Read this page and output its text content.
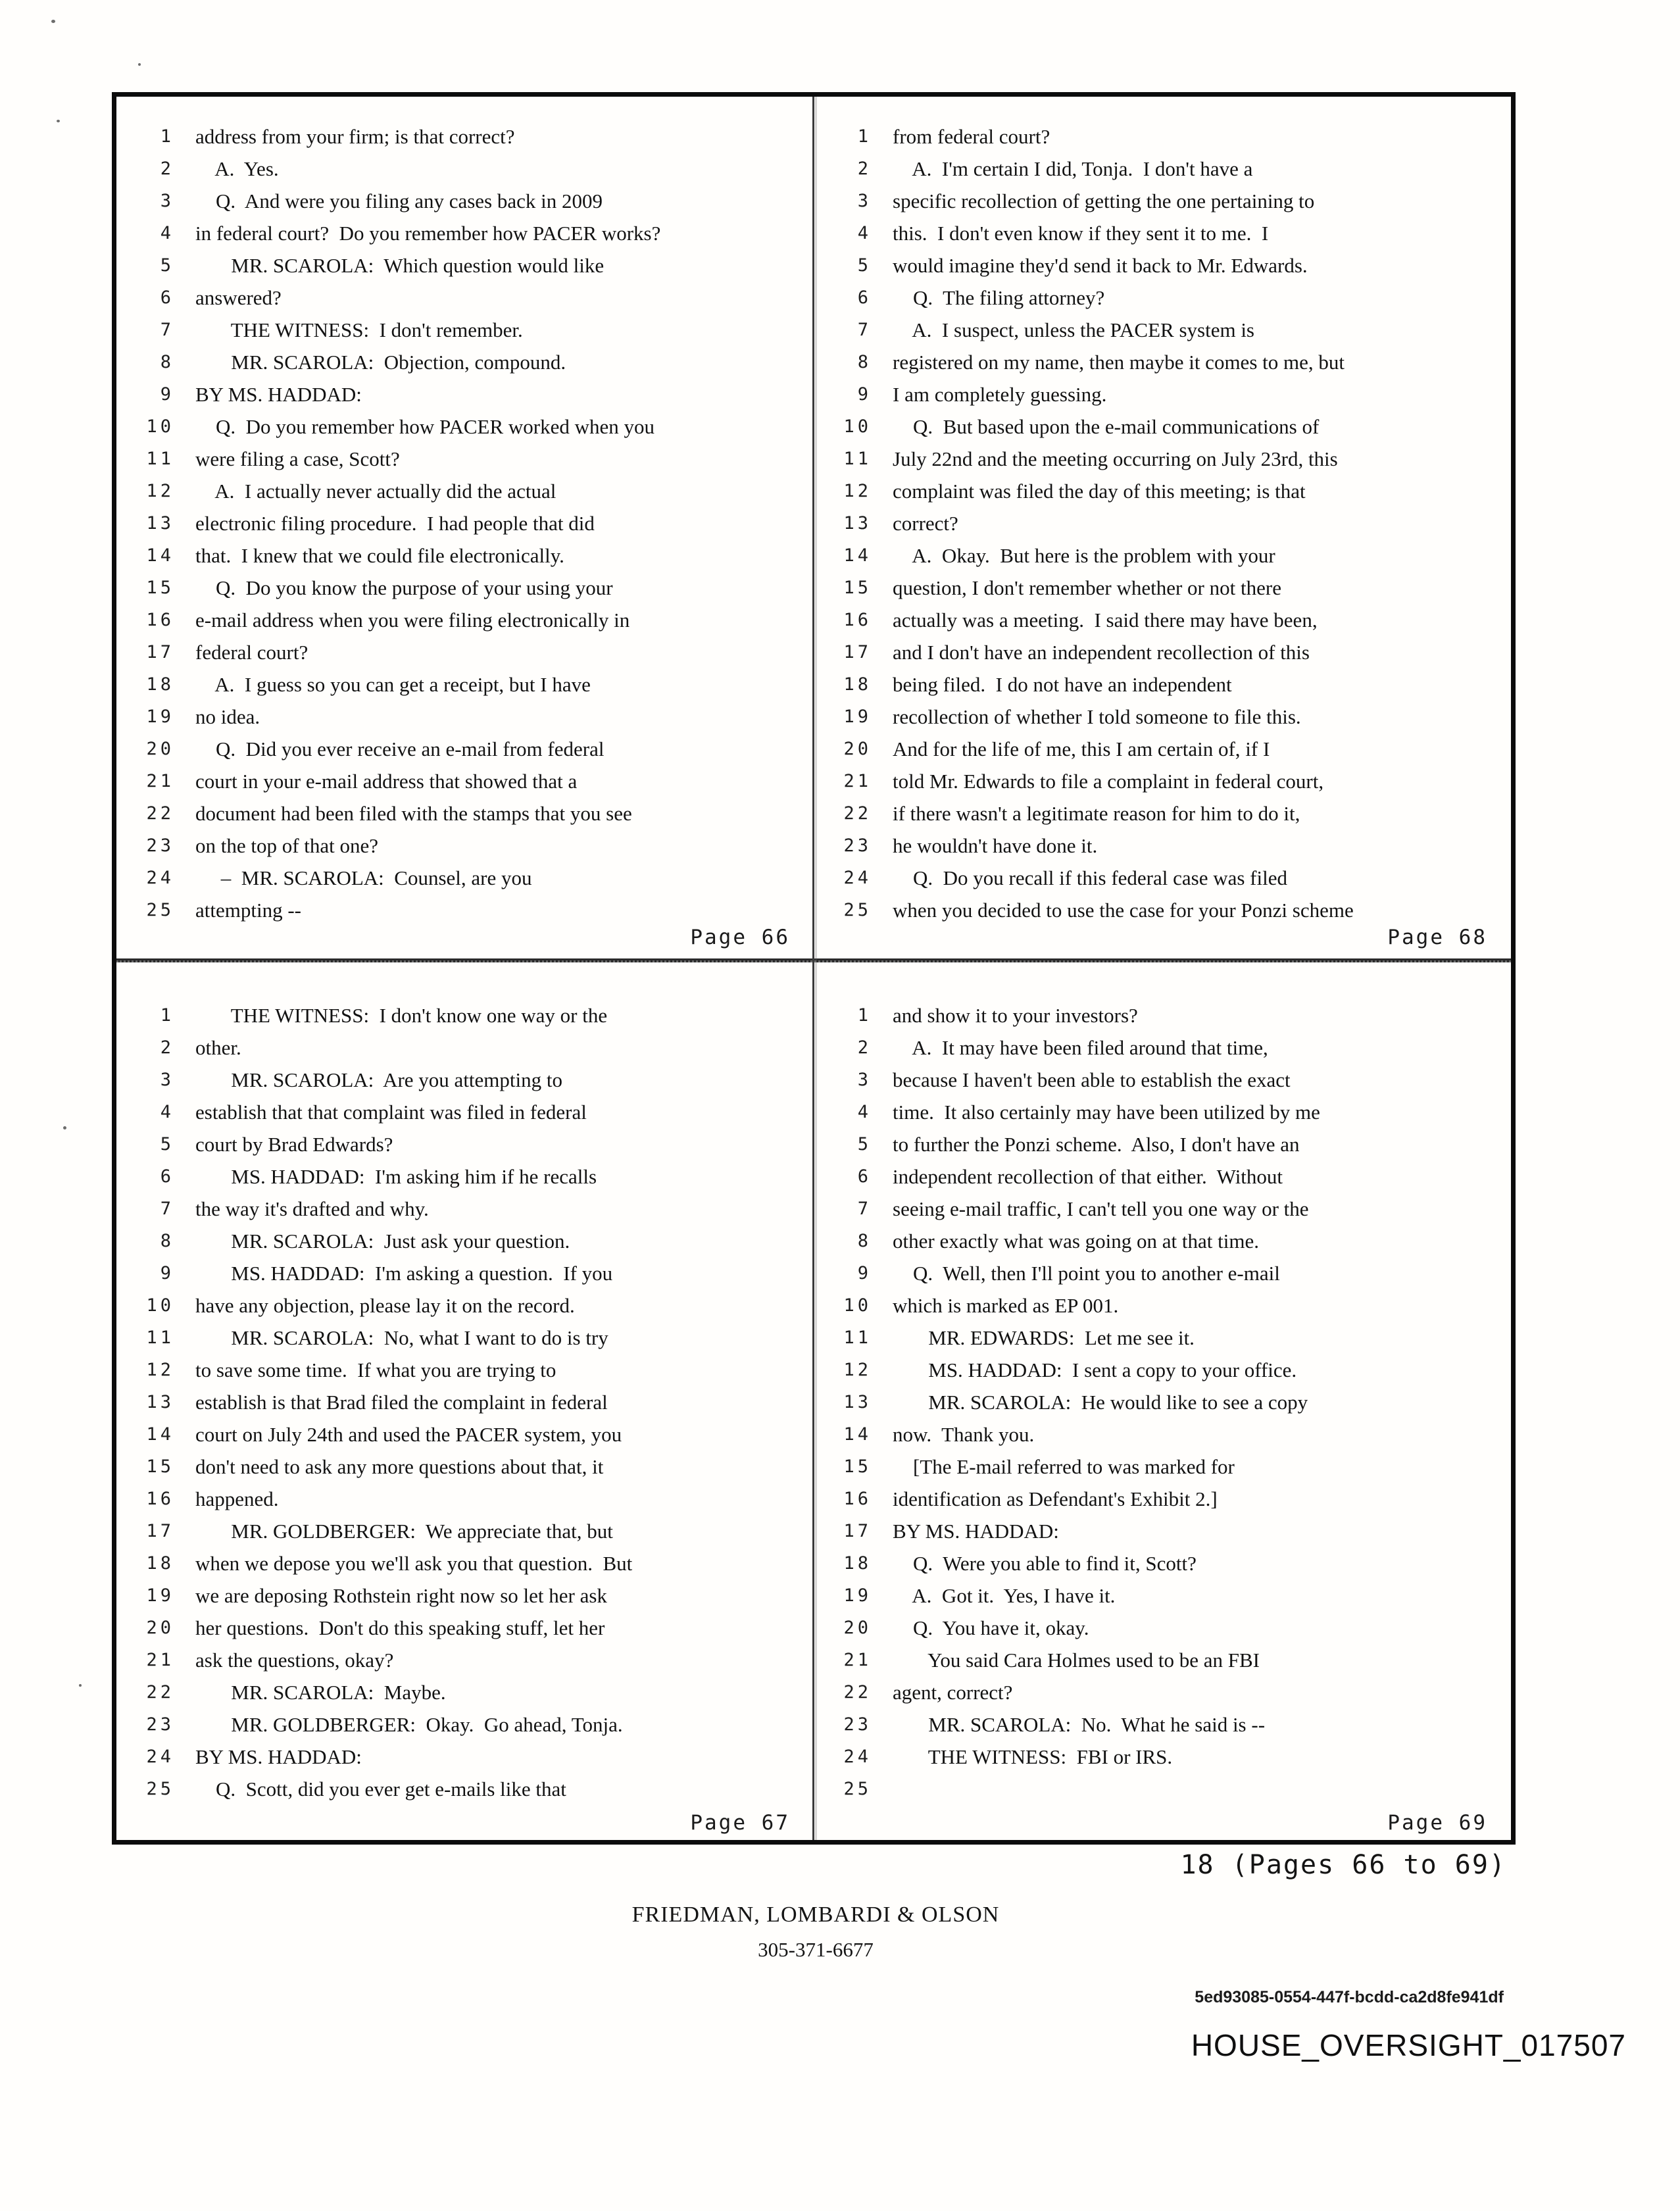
1	address from your firm; is that correct?
2	A.  Yes.
3	Q.  And were you filing any cases back in 2009
4	in federal court?  Do you remember how PACER works?
5	MR. SCAROLA:  Which question would like
6	answered?
7	THE WITNESS:  I don't remember.
8	MR. SCAROLA:  Objection, compound.
9	BY MS. HADDAD:
10	Q.  Do you remember how PACER worked when you
11	were filing a case, Scott?
12	A.  I actually never actually did the actual
13	electronic filing procedure.  I had people that did
14	that.  I knew that we could file electronically.
15	Q.  Do you know the purpose of your using your
16	e-mail address when you were filing electronically in
17	federal court?
18	A.  I guess so you can get a receipt, but I have
19	no idea.
20	Q.  Did you ever receive an e-mail from federal
21	court in your e-mail address that showed that a
22	document had been filed with the stamps that you see
23	on the top of that one?
24	–  MR. SCAROLA:  Counsel, are you
25	attempting --
Page 66
1	from federal court?
2	A.  I'm certain I did, Tonja.  I don't have a
3	specific recollection of getting the one pertaining to
4	this.  I don't even know if they sent it to me.  I
5	would imagine they'd send it back to Mr. Edwards.
6	Q.  The filing attorney?
7	A.  I suspect, unless the PACER system is
8	registered on my name, then maybe it comes to me, but
9	I am completely guessing.
10	Q.  But based upon the e-mail communications of
11	July 22nd and the meeting occurring on July 23rd, this
12	complaint was filed the day of this meeting; is that
13	correct?
14	A.  Okay.  But here is the problem with your
15	question, I don't remember whether or not there
16	actually was a meeting.  I said there may have been,
17	and I don't have an independent recollection of this
18	being filed.  I do not have an independent
19	recollection of whether I told someone to file this.
20	And for the life of me, this I am certain of, if I
21	told Mr. Edwards to file a complaint in federal court,
22	if there wasn't a legitimate reason for him to do it,
23	he wouldn't have done it.
24	Q.  Do you recall if this federal case was filed
25	when you decided to use the case for your Ponzi scheme
Page 68
1	THE WITNESS:  I don't know one way or the
2	other.
3	MR. SCAROLA:  Are you attempting to
4	establish that that complaint was filed in federal
5	court by Brad Edwards?
6	MS. HADDAD:  I'm asking him if he recalls
7	the way it's drafted and why.
8	MR. SCAROLA:  Just ask your question.
9	MS. HADDAD:  I'm asking a question.  If you
10	have any objection, please lay it on the record.
11	MR. SCAROLA:  No, what I want to do is try
12	to save some time.  If what you are trying to
13	establish is that Brad filed the complaint in federal
14	court on July 24th and used the PACER system, you
15	don't need to ask any more questions about that, it
16	happened.
17	MR. GOLDBERGER:  We appreciate that, but
18	when we depose you we'll ask you that question.  But
19	we are deposing Rothstein right now so let her ask
20	her questions.  Don't do this speaking stuff, let her
21	ask the questions, okay?
22	MR. SCAROLA:  Maybe.
23	MR. GOLDBERGER:  Okay.  Go ahead, Tonja.
24	BY MS. HADDAD:
25	Q.  Scott, did you ever get e-mails like that
Page 67
1	and show it to your investors?
2	A.  It may have been filed around that time,
3	because I haven't been able to establish the exact
4	time.  It also certainly may have been utilized by me
5	to further the Ponzi scheme.  Also, I don't have an
6	independent recollection of that either.  Without
7	seeing e-mail traffic, I can't tell you one way or the
8	other exactly what was going on at that time.
9	Q.  Well, then I'll point you to another e-mail
10	which is marked as EP 001.
11	MR. EDWARDS:  Let me see it.
12	MS. HADDAD:  I sent a copy to your office.
13	MR. SCAROLA:  He would like to see a copy
14	now.  Thank you.
15	[The E-mail referred to was marked for
16	identification as Defendant's Exhibit 2.]
17	BY MS. HADDAD:
18	Q.  Were you able to find it, Scott?
19	A.  Got it.  Yes, I have it.
20	Q.  You have it, okay.
21	You said Cara Holmes used to be an FBI
22	agent, correct?
23	MR. SCAROLA:  No.  What he said is --
24	THE WITNESS:  FBI or IRS.
25
Page 69
18 (Pages 66 to 69)
FRIEDMAN, LOMBARDI & OLSON
305-371-6677
5ed93085-0554-447f-bcdd-ca2d8fe941df
HOUSE_OVERSIGHT_017507
